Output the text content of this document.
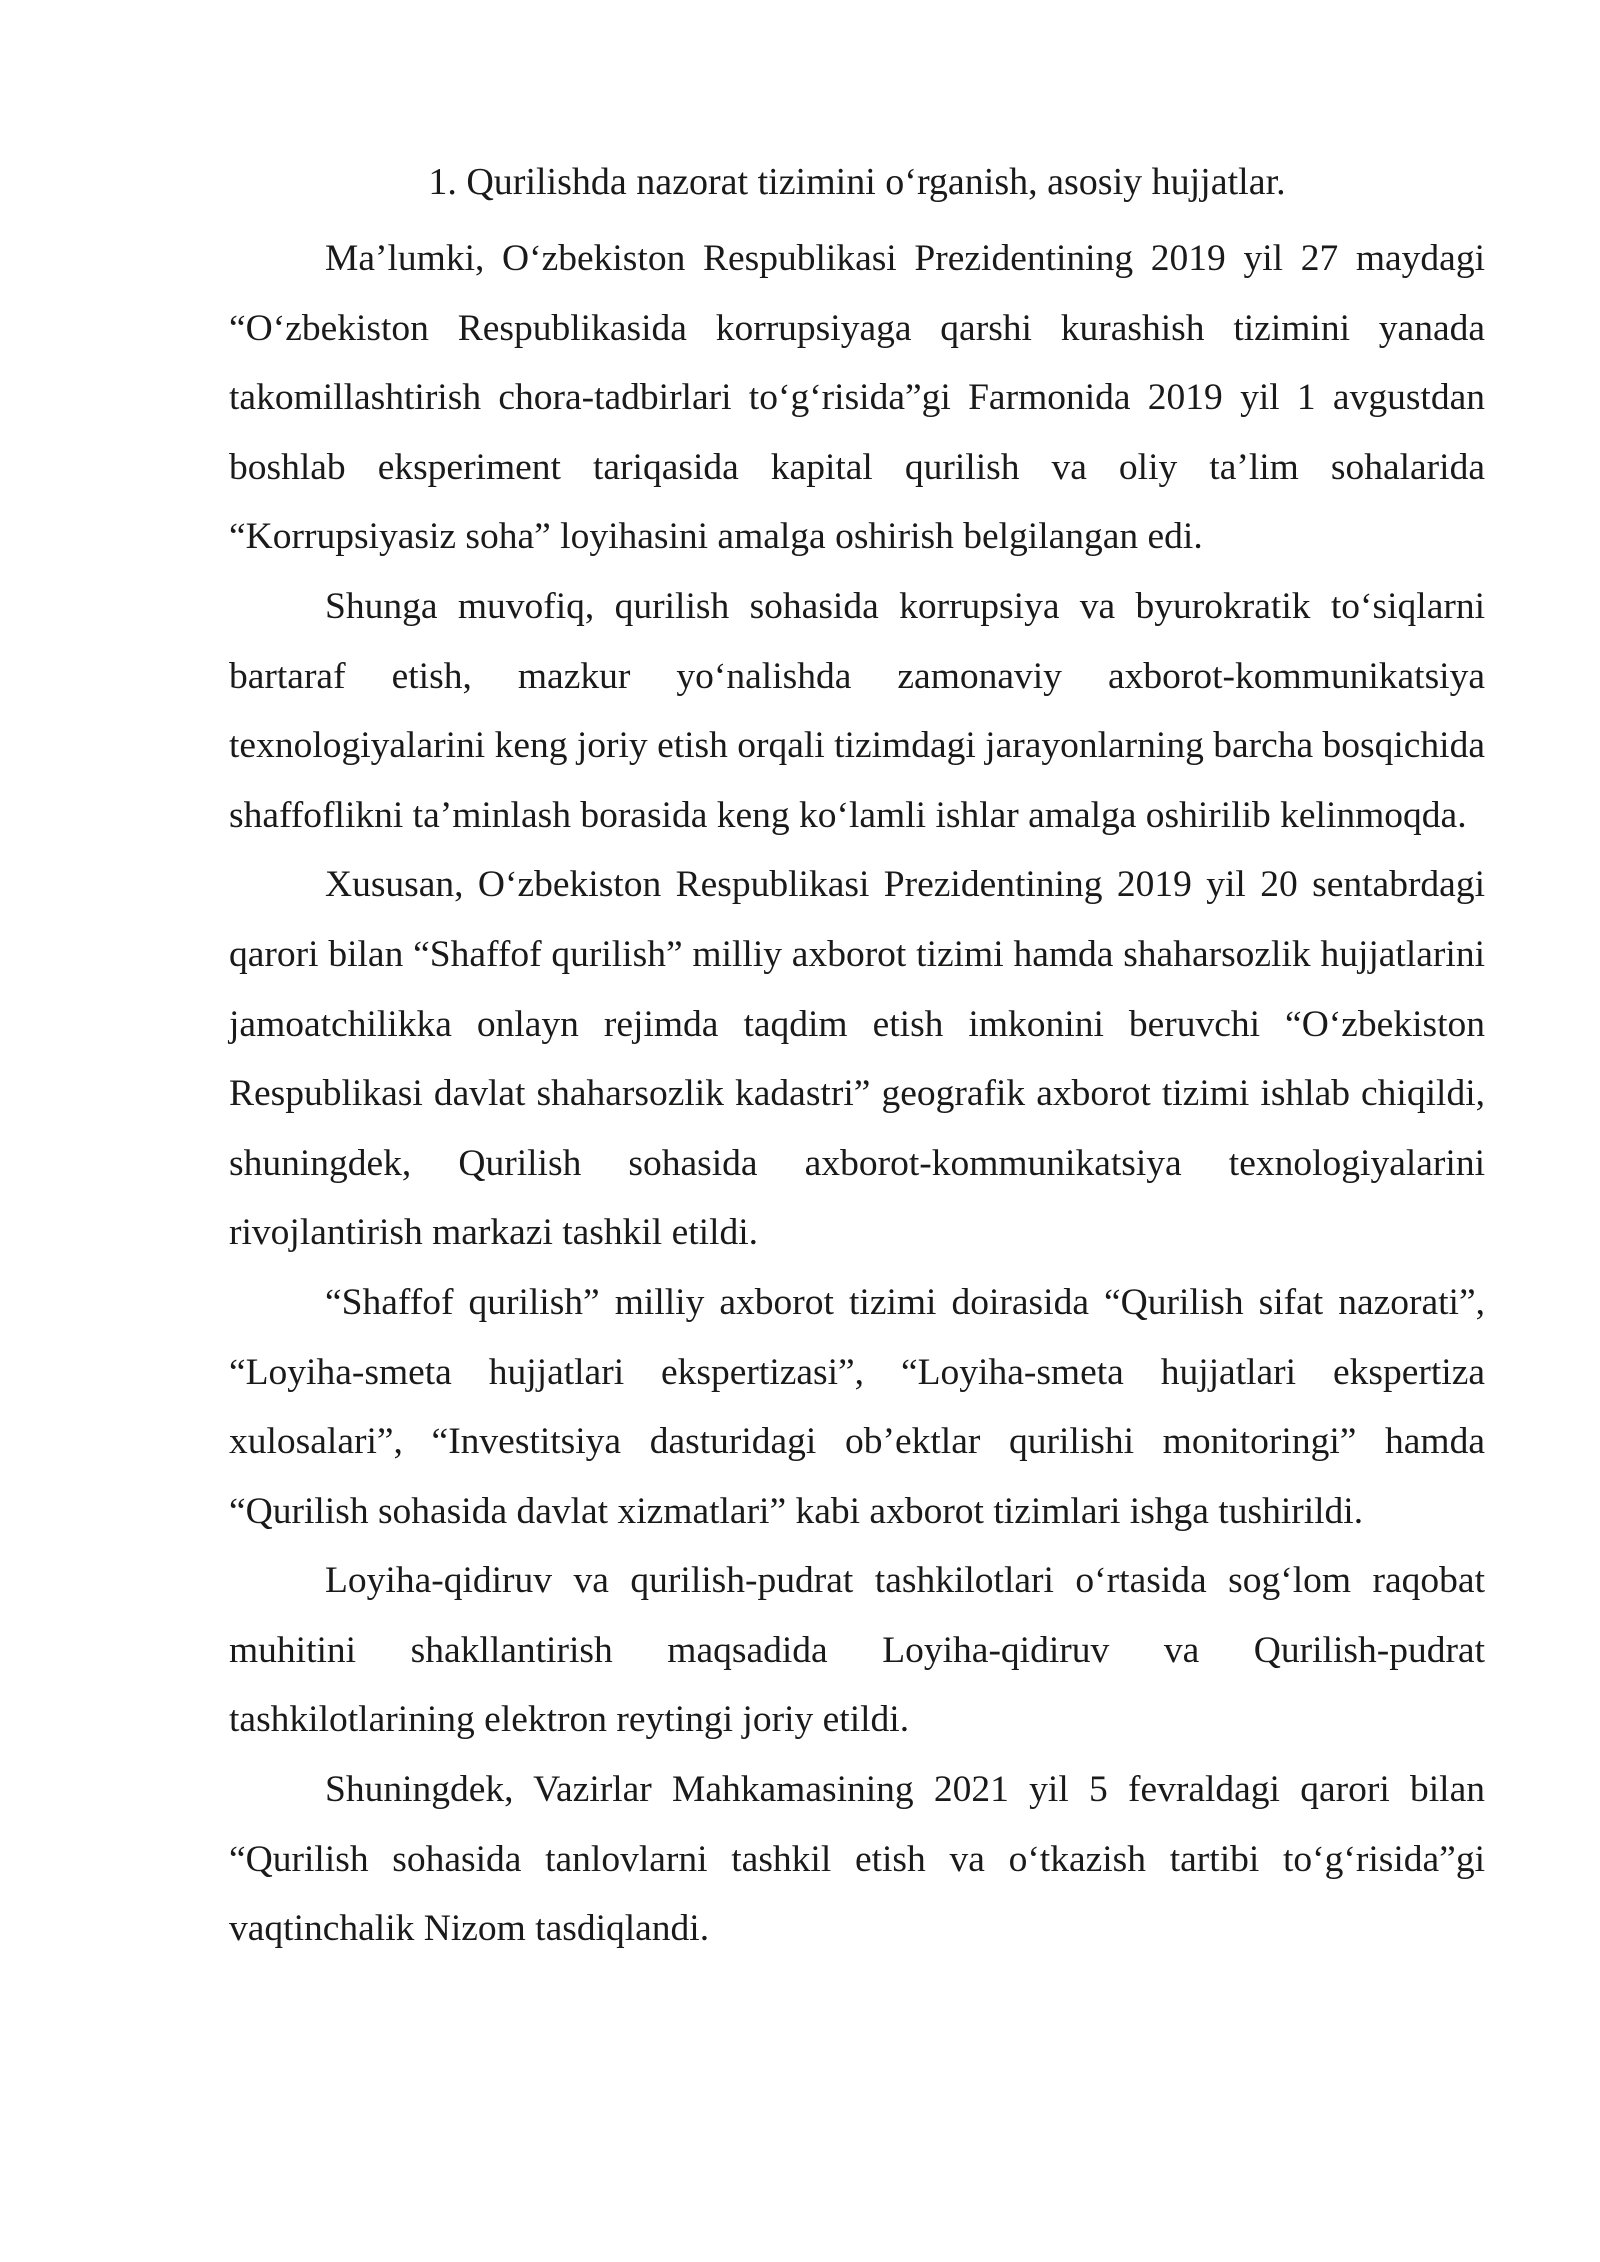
1. Qurilishda nazorat tizimini o‘rganish, asosiy hujjatlar.

Ma’lumki, O‘zbekiston Respublikasi Prezidentining 2019 yil 27 maydagi “O‘zbekiston Respublikasida korrupsiyaga qarshi kurashish tizimini yanada takomillashtirish chora-tadbirlari to‘g‘risida”gi Farmonida 2019 yil 1 avgustdan boshlab eksperiment tariqasida kapital qurilish va oliy ta’lim sohalarida “Korrupsiyasiz soha” loyihasini amalga oshirish belgilangan edi.

Shunga muvofiq, qurilish sohasida korrupsiya va byurokratik to‘siqlarni bartaraf etish, mazkur yo‘nalishda zamonaviy axborot-kommunikatsiya texnologiyalarini keng joriy etish orqali tizimdagi jarayonlarning barcha bosqichida shaffoflikni ta’minlash borasida keng ko‘lamli ishlar amalga oshirilib kelinmoqda.

Xususan, O‘zbekiston Respublikasi Prezidentining 2019 yil 20 sentabrdagi qarori bilan “Shaffof qurilish” milliy axborot tizimi hamda shaharsozlik hujjatlarini jamoatchilikka onlayn rejimda taqdim etish imkonini beruvchi “O‘zbekiston Respublikasi davlat shaharsozlik kadastri” geografik axborot tizimi ishlab chiqildi, shuningdek, Qurilish sohasida axborot-kommunikatsiya texnologiyalarini rivojlantirish markazi tashkil etildi.

“Shaffof qurilish” milliy axborot tizimi doirasida “Qurilish sifat nazorati”, “Loyiha-smeta hujjatlari ekspertizasi”, “Loyiha-smeta hujjatlari ekspertiza xulosalari”, “Investitsiya dasturidagi ob’ektlar qurilishi monitoringi” hamda “Qurilish sohasida davlat xizmatlari” kabi axborot tizimlari ishga tushirildi.

Loyiha-qidiruv va qurilish-pudrat tashkilotlari o‘rtasida sog‘lom raqobat muhitini shakllantirish maqsadida Loyiha-qidiruv va Qurilish-pudrat tashkilotlarining elektron reytingi joriy etildi.

Shuningdek, Vazirlar Mahkamasining 2021 yil 5 fevraldagi qarori bilan “Qurilish sohasida tanlovlarni tashkil etish va o‘tkazish tartibi to‘g‘risida”gi vaqtinchalik Nizom tasdiqlandi.
